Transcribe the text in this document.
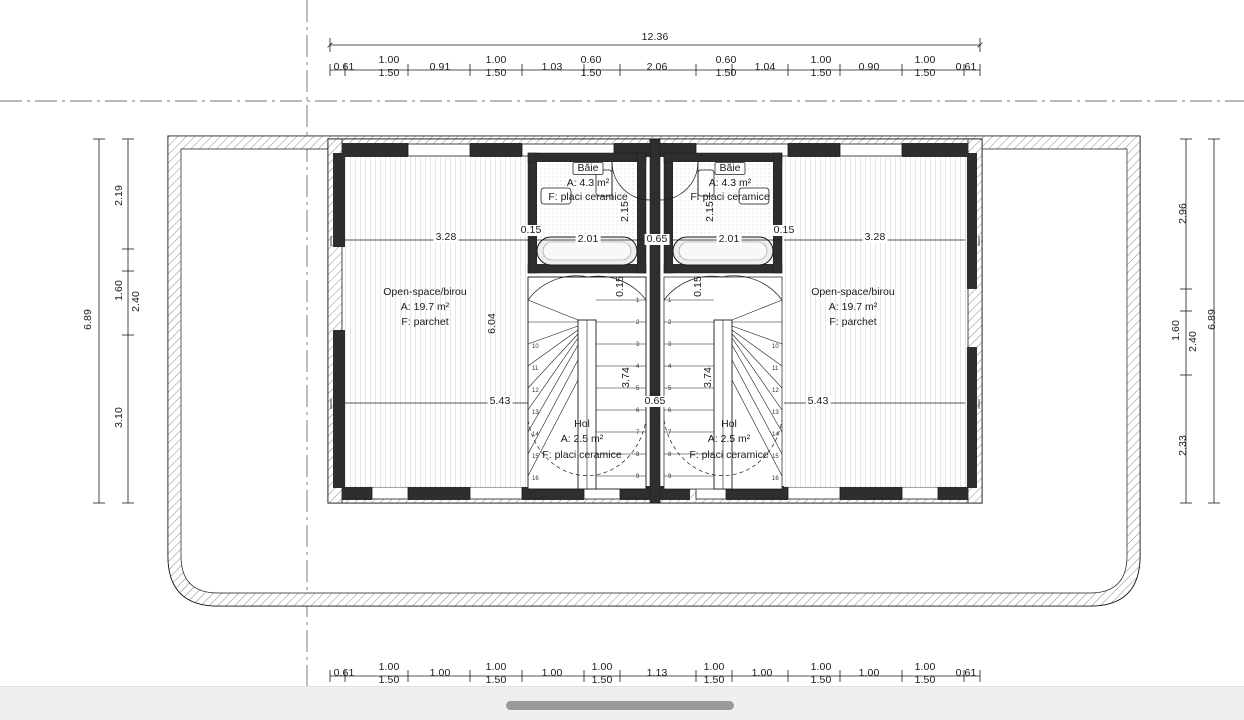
12.36
0.61	0.91	1.03	2.06	1.04	0.90	0.61
1.00
1.50
1.00
1.50
0.60
1.50
0.60
1.50
1.00
1.50
1.00
1.50
0.61	1.00	1.00	1.13	1.00	1.00	0.61
1.00
1.50
1.00
1.50
1.00
1.50
1.00
1.50
1.00
1.50
1.00
1.50
6.89
2.19
1.60
2.40
3.10
2.96
1.60
2.40
2.33
6.89
Băie
A: 4.3 m²
F: placi ceramice
Băie
A: 4.3 m²
F: placi ceramice
Open-space/birou
A: 19.7 m²
F: parchet
Open-space/birou
A: 19.7 m²
F: parchet
Hol
A: 2.5 m²
F: placi ceramice
Hol
A: 2.5 m²
F: placi ceramice
3.28
5.43
0.15
2.01
2.15
0.15
6.04
3.74
0.65
0.65
3.28
5.43
0.15
2.01
2.15
0.15
3.74
1
2
3
4
5
6
7
8
9
10
11
12
13
14
15
16
1
2
3
4
5
6
7
8
9
10
11
12
13
14
15
16
